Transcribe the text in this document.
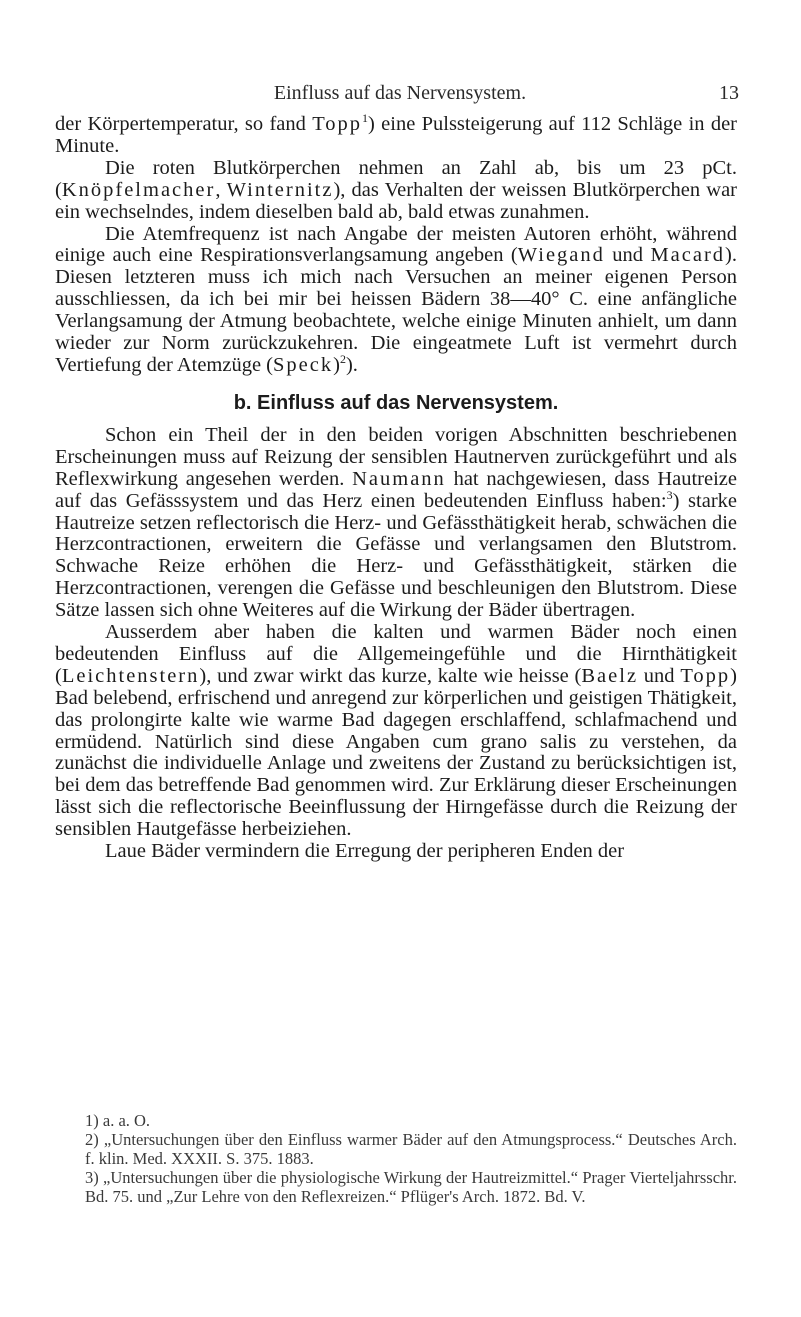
Einfluss auf das Nervensystem.	13

der Körpertemperatur, so fand Topp$^1$) eine Pulssteigerung auf 112 Schläge in der Minute.

Die roten Blutkörperchen nehmen an Zahl ab, bis um 23 pCt. (Knöpfelmacher, Winternitz), das Verhalten der weissen Blutkörperchen war ein wechselndes, indem dieselben bald ab, bald etwas zunahmen.

Die Atemfrequenz ist nach Angabe der meisten Autoren erhöht, während einige auch eine Respirationsverlangsamung angeben (Wiegand und Macard). Diesen letzteren muss ich mich nach Versuchen an meiner eigenen Person ausschliessen, da ich bei mir bei heissen Bädern 38—40° C. eine anfängliche Verlangsamung der Atmung beobachtete, welche einige Minuten anhielt, um dann wieder zur Norm zurückzukehren. Die eingeatmete Luft ist vermehrt durch Vertiefung der Atemzüge (Speck)$^2$).

b. Einfluss auf das Nervensystem.

Schon ein Theil der in den beiden vorigen Abschnitten beschriebenen Erscheinungen muss auf Reizung der sensiblen Hautnerven zurückgeführt und als Reflexwirkung angesehen werden. Naumann hat nachgewiesen, dass Hautreize auf das Gefässsystem und das Herz einen bedeutenden Einfluss haben:$^3$) starke Hautreize setzen reflectorisch die Herz- und Gefässthätigkeit herab, schwächen die Herzcontractionen, erweitern die Gefässe und verlangsamen den Blutstrom. Schwache Reize erhöhen die Herz- und Gefässthätigkeit, stärken die Herzcontractionen, verengen die Gefässe und beschleunigen den Blutstrom. Diese Sätze lassen sich ohne Weiteres auf die Wirkung der Bäder übertragen.

Ausserdem aber haben die kalten und warmen Bäder noch einen bedeutenden Einfluss auf die Allgemeingefühle und die Hirnthätigkeit (Leichtenstern), und zwar wirkt das kurze, kalte wie heisse (Baelz und Topp) Bad belebend, erfrischend und anregend zur körperlichen und geistigen Thätigkeit, das prolongirte kalte wie warme Bad dagegen erschlaffend, schlafmachend und ermüdend. Natürlich sind diese Angaben cum grano salis zu verstehen, da zunächst die individuelle Anlage und zweitens der Zustand zu berücksichtigen ist, bei dem das betreffende Bad genommen wird. Zur Erklärung dieser Erscheinungen lässt sich die reflectorische Beeinflussung der Hirngefässe durch die Reizung der sensiblen Hautgefässe herbeiziehen.

Laue Bäder vermindern die Erregung der peripheren Enden der

1) a. a. O.

2) „Untersuchungen über den Einfluss warmer Bäder auf den Atmungsprocess.“ Deutsches Arch. f. klin. Med. XXXII. S. 375. 1883.

3) „Untersuchungen über die physiologische Wirkung der Hautreizmittel.“ Prager Vierteljahrsschr. Bd. 75. und „Zur Lehre von den Reflexreizen.“ Pflüger's Arch. 1872. Bd. V.
